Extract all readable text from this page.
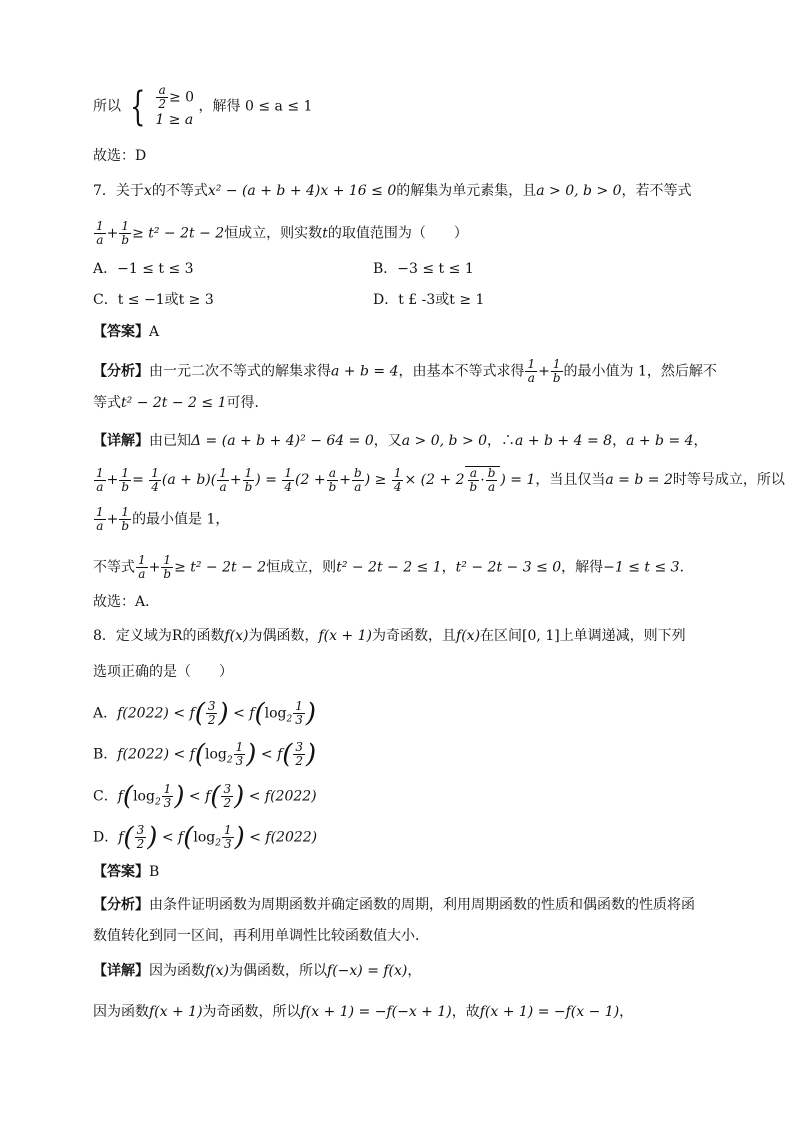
所以 { $\frac{a}{2} \ge 0$
1 ≥ a
，解得 0 ≤ a ≤ 1
故选：D
7．关于x的不等式x² − (a + b + 4)x + 16 ≤ 0的解集为单元素集，且a > 0, b > 0，若不等式
$\frac{1}{a} + \frac{1}{b} \ge t^2 - 2t - 2$恒成立，则实数t的取值范围为（　　）
A．−1 ≤ t ≤ 3	B．−3 ≤ t ≤ 1
C．t ≤ −1或t ≥ 3	D．t £ -3或t ≥ 1
【答案】A
【分析】由一元二次不等式的解集求得a + b = 4，由基本不等式求得 $\frac{1}{a} + \frac{1}{b}$ 的最小值为 1，然后解不
等式t² − 2t − 2 ≤ 1可得．
【详解】由已知Δ = (a + b + 4)² − 64 = 0，又a > 0, b > 0，∴a + b + 4 = 8，a + b = 4，
$\frac{1}{a} + \frac{1}{b} = \frac{1}{4} (a + b)( \frac{1}{a} + \frac{1}{b}$ ) = $\frac{1}{4} (2 + \frac{a}{b} + \frac{b}{a}$ ) ≥ $\frac{1}{4} \times (2 + 2 \frac{a}{b} \cdot \frac{b}{a}$ ) = 1，当且仅当a = b = 2时等号成立，所以
$\frac{1}{a} + \frac{1}{b}$ 的最小值是 1，
不等式 $\frac{1}{a} + \frac{1}{b} \ge t^2 - 2t - 2$恒成立，则t² − 2t − 2 ≤ 1，t² − 2t − 3 ≤ 0，解得−1 ≤ t ≤ 3．
故选：A．
8．定义域为R的函数f(x)为偶函数，f(x + 1)为奇函数，且f(x)在区间[0, 1]上单调递减，则下列
选项正确的是（　　）
A．$f(2022) < f( \frac{3}{2}$ ) < $f(\log_2 \frac{1}{3}$ )
B．$f(2022) < f(\log_2 \frac{1}{3}$ ) < $f( \frac{3}{2}$ )
C．$f(\log_2 \frac{1}{3}$ ) < $f( \frac{3}{2}$ ) < f(2022)
D．$f( \frac{3}{2}$ ) < $f(\log_2 \frac{1}{3}$ ) < f(2022)
【答案】B
【分析】由条件证明函数为周期函数并确定函数的周期，利用周期函数的性质和偶函数的性质将函
数值转化到同一区间，再利用单调性比较函数值大小．
【详解】因为函数f(x)为偶函数，所以f(−x) = f(x)，
因为函数f(x + 1)为奇函数，所以f(x + 1) = −f(−x + 1)，故f(x + 1) = −f(x − 1)，
